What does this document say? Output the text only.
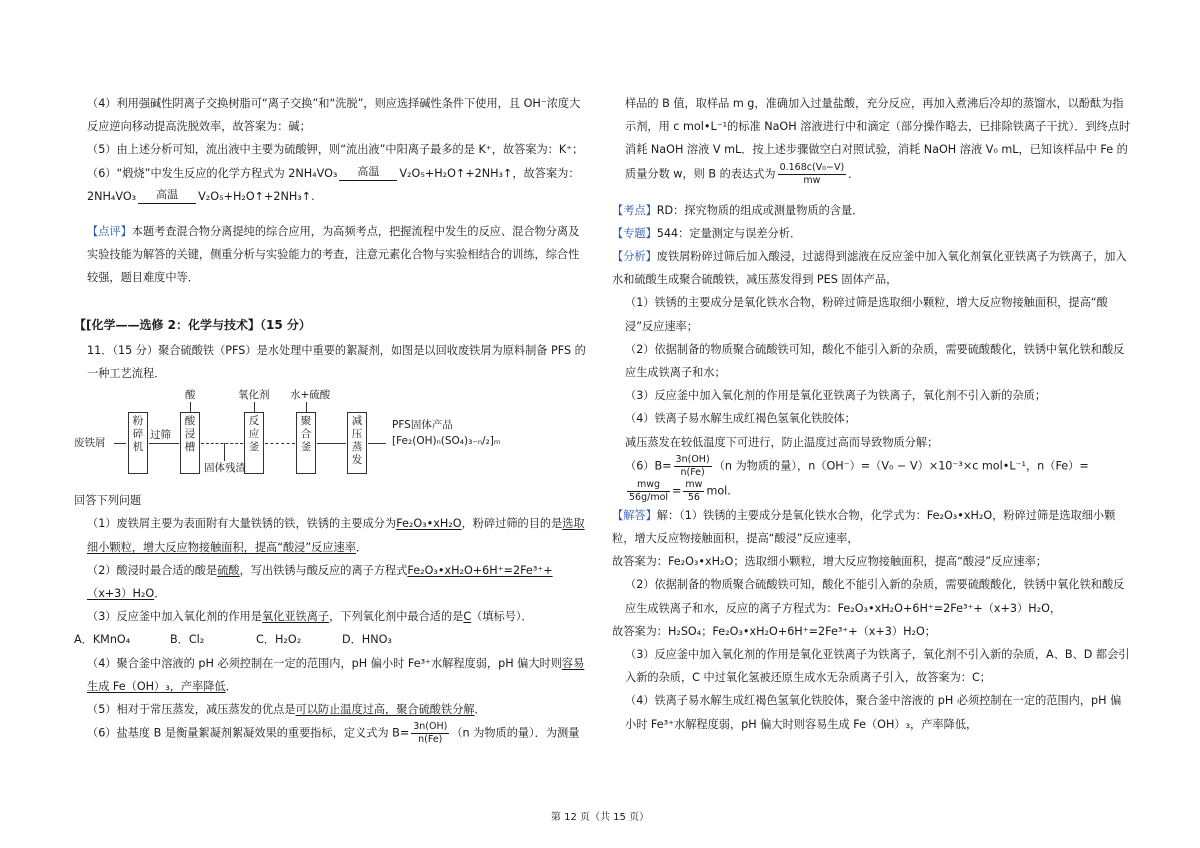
（4）利用强碱性阴离子交换树脂可“离子交换”和“洗脱”，则应选择碱性条件下使用，且 OH⁻浓度大反应逆向移动提高洗脱效率，故答案为：碱；

（5）由上述分析可知，流出液中主要为硫酸钾，则“流出液”中阳离子最多的是 K⁺，故答案为：K⁺；

（6）“煅烧”中发生反应的化学方程式为 2NH₄VO₃	高温	V₂O₅+H₂O↑+2NH₃↑，故答案为：

2NH₄VO₃	高温	V₂O₅+H₂O↑+2NH₃↑.

【点评】本题考查混合物分离提纯的综合应用，为高频考点，把握流程中发生的反应、混合物分离及实验技能为解答的关键，侧重分析与实验能力的考查，注意元素化合物与实验相结合的训练，综合性较强，题目难度中等．

【[化学——选修 2：化学与技术】（15 分）

11．（15 分）聚合硫酸铁（PFS）是水处理中重要的絮凝剂，如图是以回收废铁屑为原料制备 PFS 的一种工艺流程．

废铁屑
粉碎机
过筛
酸
酸浸槽
固体残渣
氧化剂
反应釜
水+硫酸
聚合釜
减压蒸发
PFS固体产品
[Fe₂(OH)ₙ(SO₄)₃₋ₙ/₂]ₘ

回答下列问题

（1）废铁屑主要为表面附有大量铁锈的铁，铁锈的主要成分为Fe₂O₃•xH₂O，粉碎过筛的目的是选取细小颗粒，增大反应物接触面积，提高“酸浸”反应速率．

（2）酸浸时最合适的酸是硫酸，写出铁锈与酸反应的离子方程式Fe₂O₃•xH₂O+6H⁺=2Fe³⁺+（x+3）H₂O．

（3）反应釜中加入氧化剂的作用是氧化亚铁离子，下列氧化剂中最合适的是C（填标号）．

A．KMnO₄	B．Cl₂	C．H₂O₂	D．HNO₃

（4）聚合釜中溶液的 pH 必须控制在一定的范围内，pH 偏小时 Fe³⁺水解程度弱，pH 偏大时则容易生成 Fe（OH）₃，产率降低．

（5）相对于常压蒸发，减压蒸发的优点是可以防止温度过高，聚合硫酸铁分解．

（6）盐基度 B 是衡量絮凝剂絮凝效果的重要指标，定义式为 $B= \frac{3n(OH)}{n(Fe)} (n$ 为物质的量）．为测量

样品的 B 值，取样品 m g，准确加入过量盐酸，充分反应，再加入煮沸后冷却的蒸馏水，以酚酞为指示剂，用 c mol•L⁻¹的标准 NaOH 溶液进行中和滴定（部分操作略去，已排除铁离子干扰）．到终点时消耗 NaOH 溶液 V mL．按上述步骤做空白对照试验，消耗 NaOH 溶液 V₀ mL，已知该样品中 Fe 的质量分数 w，则 B 的表达式为 $\frac{\text{0.168c(V₀−V)}}{mw}$ ．

【考点】RD：探究物质的组成或测量物质的含量．

【专题】544：定量测定与误差分析．

【分析】废铁屑粉碎过筛后加入酸浸，过滤得到滤液在反应釜中加入氧化剂氧化亚铁离子为铁离子，加入水和硫酸生成聚合硫酸铁，减压蒸发得到 PES 固体产品，

（1）铁锈的主要成分是氧化铁水合物，粉碎过筛是选取细小颗粒，增大反应物接触面积，提高“酸浸”反应速率；

（2）依据制备的物质聚合硫酸铁可知，酸化不能引入新的杂质，需要硫酸酸化，铁锈中氧化铁和酸反应生成铁离子和水；

（3）反应釜中加入氧化剂的作用是氧化亚铁离子为铁离子，氧化剂不引入新的杂质；

（4）铁离子易水解生成红褐色氢氧化铁胶体；

减压蒸发在较低温度下可进行，防止温度过高而导致物质分解；

$(6)B= \frac{3n(OH)}{n(Fe)} (n$ 为物质的量），n（OH⁻）=（V₀ − V）×10⁻³×c mol•L⁻¹，n（Fe）=
$\frac{\text{mwg}}{\text{56g/mol}} = \frac{mw}{56}$ mol.

【解答】解：（1）铁锈的主要成分是氧化铁水合物，化学式为：Fe₂O₃•xH₂O，粉碎过筛是选取细小颗粒，增大反应物接触面积，提高“酸浸”反应速率，

故答案为：Fe₂O₃•xH₂O；选取细小颗粒，增大反应物接触面积，提高“酸浸”反应速率；

（2）依据制备的物质聚合硫酸铁可知，酸化不能引入新的杂质，需要硫酸酸化，铁锈中氧化铁和酸反应生成铁离子和水，反应的离子方程式为：Fe₂O₃•xH₂O+6H⁺=2Fe³⁺+（x+3）H₂O，

故答案为：H₂SO₄；Fe₂O₃•xH₂O+6H⁺=2Fe³⁺+（x+3）H₂O；

（3）反应釜中加入氧化剂的作用是氧化亚铁离子为铁离子，氧化剂不引入新的杂质，A、B、D 都会引入新的杂质，C 中过氧化氢被还原生成水无杂质离子引入，故答案为：C；

（4）铁离子易水解生成红褐色氢氧化铁胶体，聚合釜中溶液的 pH 必须控制在一定的范围内，pH 偏小时 Fe³⁺水解程度弱，pH 偏大时则容易生成 Fe（OH）₃，产率降低，

第 12 页（共 15 页）
